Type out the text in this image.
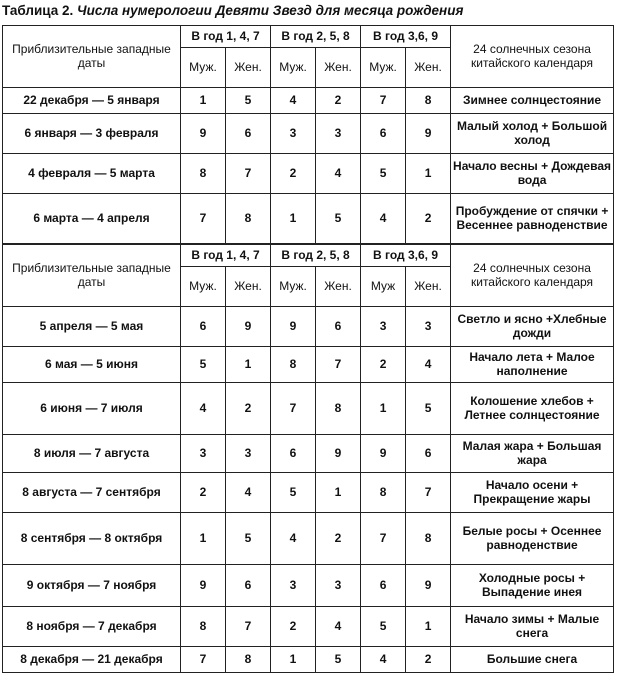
Таблица 2. Числа нумерологии Девяти Звезд для месяца рождения
Приблизительные западные даты	В год 1, 4, 7		В год 2, 5, 8		В год 3,6, 9		24 солнечных сезона китайского календаря
	Муж.	Жен.	Муж.	Жен.	Муж.	Жен.	
22 декабря — 5 января	1	5	4	2	7	8	Зимнее солнцестояние
6 января — 3 февраля	9	6	3	3	6	9	Малый холод + Большой холод
4 февраля — 5 марта	8	7	2	4	5	1	Начало весны + Дождевая вода
6 марта — 4 апреля	7	8	1	5	4	2	Пробуждение от спячки + Весеннее равноденствие
Приблизительные западные даты	В год 1, 4, 7		В год 2, 5, 8		В год 3,6, 9		24 солнечных сезона китайского календаря
	Муж.	Жен.	Муж.	Жен.	Муж	Жен.	
5 апреля — 5 мая	6	9	9	6	3	3	Светло и ясно +Хлебные дожди
6 мая — 5 июня	5	1	8	7	2	4	Начало лета + Малое наполнение
6 июня — 7 июля	4	2	7	8	1	5	Колошение хлебов + Летнее солнцестояние
8 июля — 7 августа	3	3	6	9	9	6	Малая жара + Большая жара
8 августа — 7 сентября	2	4	5	1	8	7	Начало осени + Прекращение жары
8 сентября — 8 октября	1	5	4	2	7	8	Белые росы + Осеннее равноденствие
9 октября — 7 ноября	9	6	3	3	6	9	Холодные росы + Выпадение инея
8 ноября — 7 декабря	8	7	2	4	5	1	Начало зимы + Малые снега
8 декабря — 21 декабря	7	8	1	5	4	2	Большие снега
